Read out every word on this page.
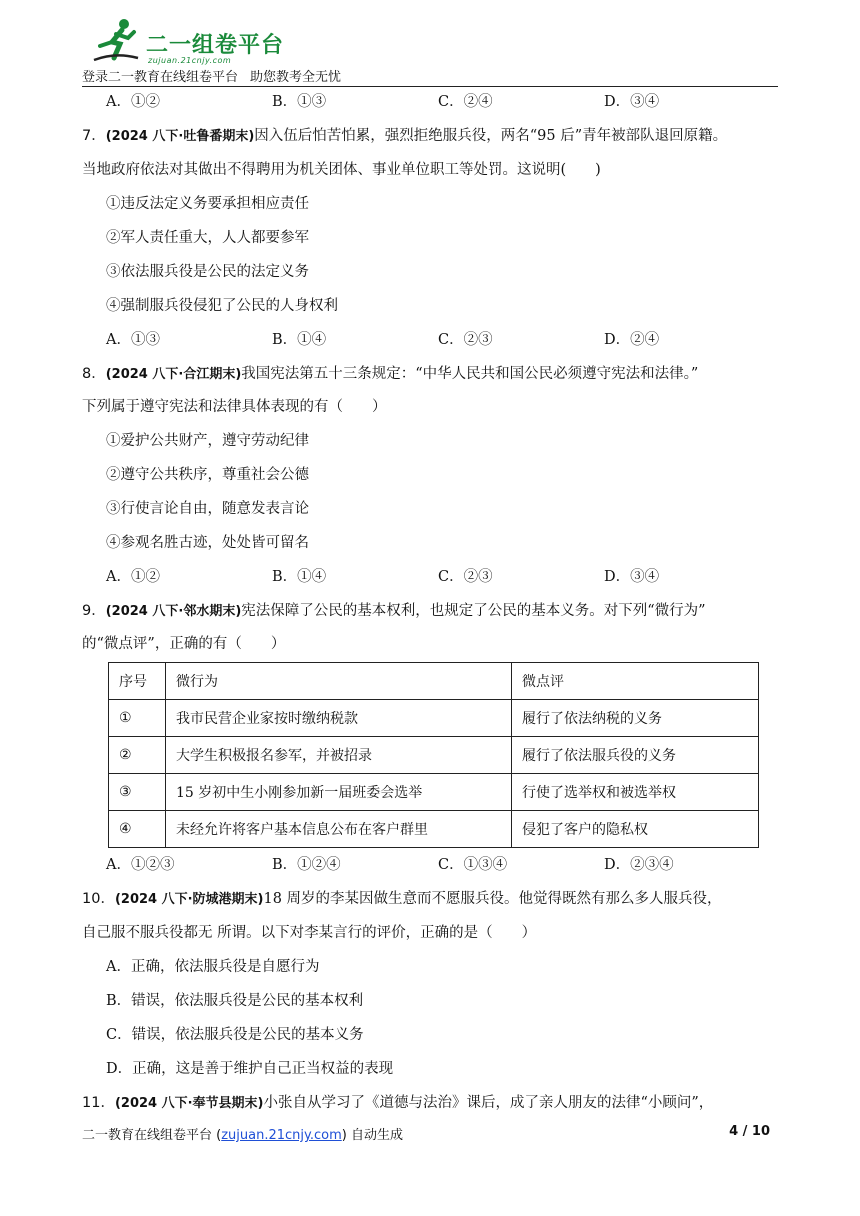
二一组卷平台
zujuan.21cnjy.com
登录二一教育在线组卷平台 助您教考全无忧
A．①②	B．①③	C．②④	D．③④
7．(2024 八下·吐鲁番期末)因入伍后怕苦怕累，强烈拒绝服兵役，两名“95 后”青年被部队退回原籍。
当地政府依法对其做出不得聘用为机关团体、事业单位职工等处罚。这说明(　　)
①违反法定义务要承担相应责任
②军人责任重大，人人都要参军
③依法服兵役是公民的法定义务
④强制服兵役侵犯了公民的人身权利
A．①③	B．①④	C．②③	D．②④
8．(2024 八下·合江期末)我国宪法第五十三条规定：“中华人民共和国公民必须遵守宪法和法律。”
下列属于遵守宪法和法律具体表现的有（　　）
①爱护公共财产，遵守劳动纪律
②遵守公共秩序，尊重社会公德
③行使言论自由，随意发表言论
④参观名胜古迹，处处皆可留名
A．①②	B．①④	C．②③	D．③④
9．(2024 八下·邻水期末)宪法保障了公民的基本权利，也规定了公民的基本义务。对下列“微行为”
的“微点评”，正确的有（　　）
序号	微行为	微点评
①	我市民营企业家按时缴纳税款	履行了依法纳税的义务
②	大学生积极报名参军，并被招录	履行了依法服兵役的义务
③	15 岁初中生小刚参加新一届班委会选举	行使了选举权和被选举权
④	未经允许将客户基本信息公布在客户群里	侵犯了客户的隐私权
A．①②③	B．①②④	C．①③④	D．②③④
10．(2024 八下·防城港期末)18 周岁的李某因做生意而不愿服兵役。他觉得既然有那么多人服兵役，
自己服不服兵役都无 所谓。以下对李某言行的评价，正确的是（　　）
A．正确，依法服兵役是自愿行为
B．错误，依法服兵役是公民的基本权利
C．错误，依法服兵役是公民的基本义务
D．正确，这是善于维护自己正当权益的表现
11．(2024 八下·奉节县期末)小张自从学习了《道德与法治》课后，成了亲人朋友的法律“小顾问”，
二一教育在线组卷平台 (zujuan.21cnjy.com) 自动生成	4 / 10
